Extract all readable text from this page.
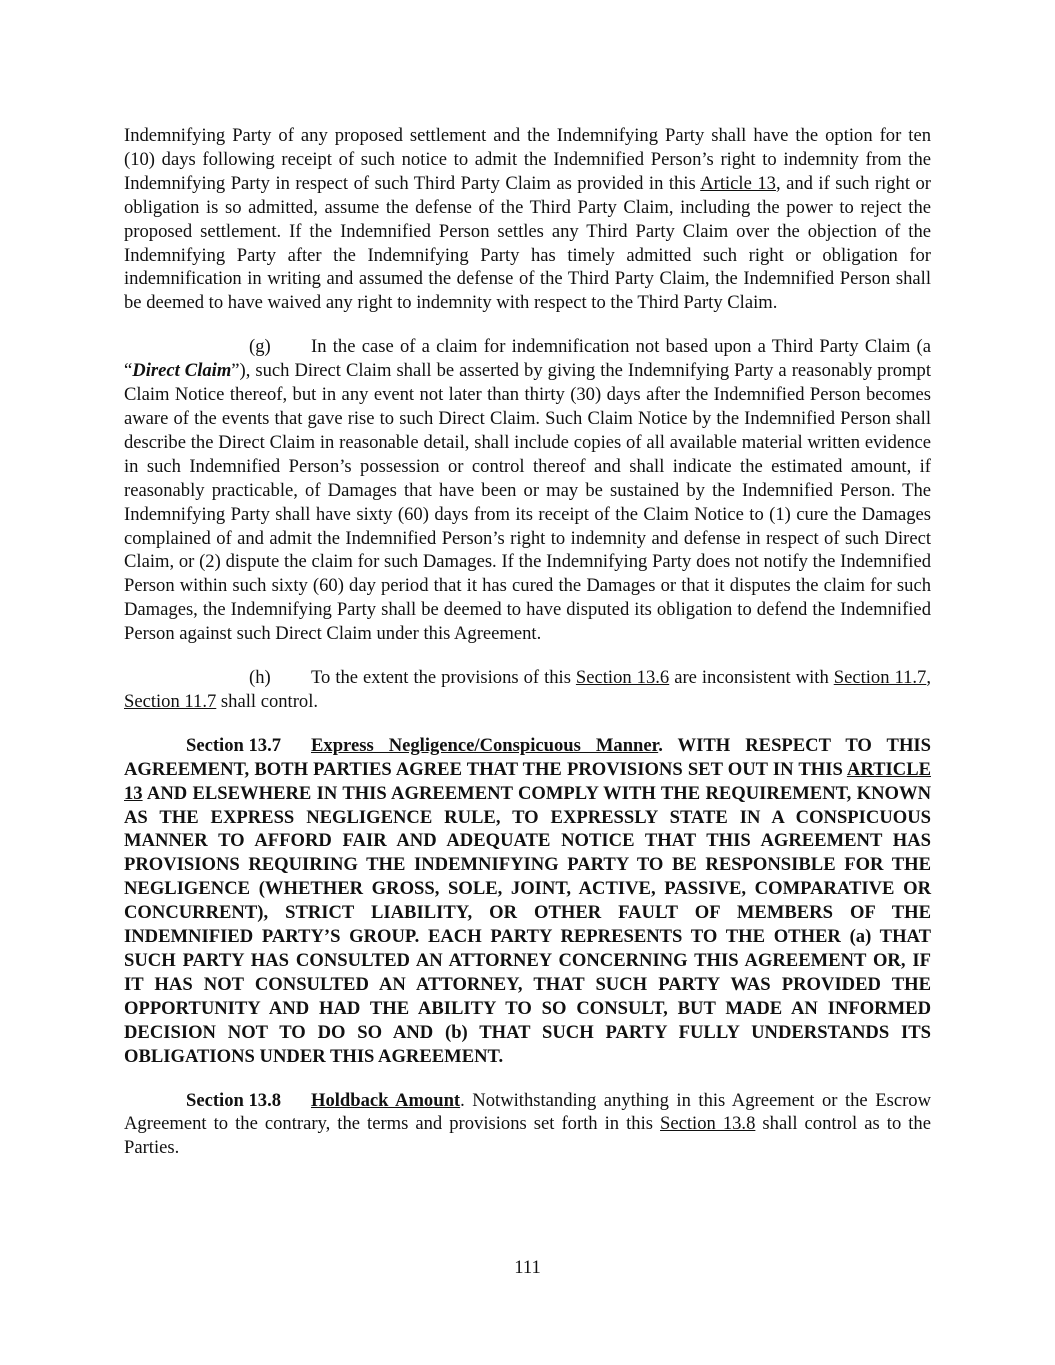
Indemnifying Party of any proposed settlement and the Indemnifying Party shall have the option for ten (10) days following receipt of such notice to admit the Indemnified Person’s right to indemnity from the Indemnifying Party in respect of such Third Party Claim as provided in this Article 13, and if such right or obligation is so admitted, assume the defense of the Third Party Claim, including the power to reject the proposed settlement. If the Indemnified Person settles any Third Party Claim over the objection of the Indemnifying Party after the Indemnifying Party has timely admitted such right or obligation for indemnification in writing and assumed the defense of the Third Party Claim, the Indemnified Person shall be deemed to have waived any right to indemnity with respect to the Third Party Claim.

(g) In the case of a claim for indemnification not based upon a Third Party Claim (a “Direct Claim”), such Direct Claim shall be asserted by giving the Indemnifying Party a reasonably prompt Claim Notice thereof, but in any event not later than thirty (30) days after the Indemnified Person becomes aware of the events that gave rise to such Direct Claim. Such Claim Notice by the Indemnified Person shall describe the Direct Claim in reasonable detail, shall include copies of all available material written evidence in such Indemnified Person’s possession or control thereof and shall indicate the estimated amount, if reasonably practicable, of Damages that have been or may be sustained by the Indemnified Person. The Indemnifying Party shall have sixty (60) days from its receipt of the Claim Notice to (1) cure the Damages complained of and admit the Indemnified Person’s right to indemnity and defense in respect of such Direct Claim, or (2) dispute the claim for such Damages. If the Indemnifying Party does not notify the Indemnified Person within such sixty (60) day period that it has cured the Damages or that it disputes the claim for such Damages, the Indemnifying Party shall be deemed to have disputed its obligation to defend the Indemnified Person against such Direct Claim under this Agreement.

(h) To the extent the provisions of this Section 13.6 are inconsistent with Section 11.7, Section 11.7 shall control.

Section 13.7 Express Negligence/Conspicuous Manner. WITH RESPECT TO THIS AGREEMENT, BOTH PARTIES AGREE THAT THE PROVISIONS SET OUT IN THIS ARTICLE 13 AND ELSEWHERE IN THIS AGREEMENT COMPLY WITH THE REQUIREMENT, KNOWN AS THE EXPRESS NEGLIGENCE RULE, TO EXPRESSLY STATE IN A CONSPICUOUS MANNER TO AFFORD FAIR AND ADEQUATE NOTICE THAT THIS AGREEMENT HAS PROVISIONS REQUIRING THE INDEMNIFYING PARTY TO BE RESPONSIBLE FOR THE NEGLIGENCE (WHETHER GROSS, SOLE, JOINT, ACTIVE, PASSIVE, COMPARATIVE OR CONCURRENT), STRICT LIABILITY, OR OTHER FAULT OF MEMBERS OF THE INDEMNIFIED PARTY’S GROUP. EACH PARTY REPRESENTS TO THE OTHER (a) THAT SUCH PARTY HAS CONSULTED AN ATTORNEY CONCERNING THIS AGREEMENT OR, IF IT HAS NOT CONSULTED AN ATTORNEY, THAT SUCH PARTY WAS PROVIDED THE OPPORTUNITY AND HAD THE ABILITY TO SO CONSULT, BUT MADE AN INFORMED DECISION NOT TO DO SO AND (b) THAT SUCH PARTY FULLY UNDERSTANDS ITS OBLIGATIONS UNDER THIS AGREEMENT.

Section 13.8 Holdback Amount. Notwithstanding anything in this Agreement or the Escrow Agreement to the contrary, the terms and provisions set forth in this Section 13.8 shall control as to the Parties.

111
